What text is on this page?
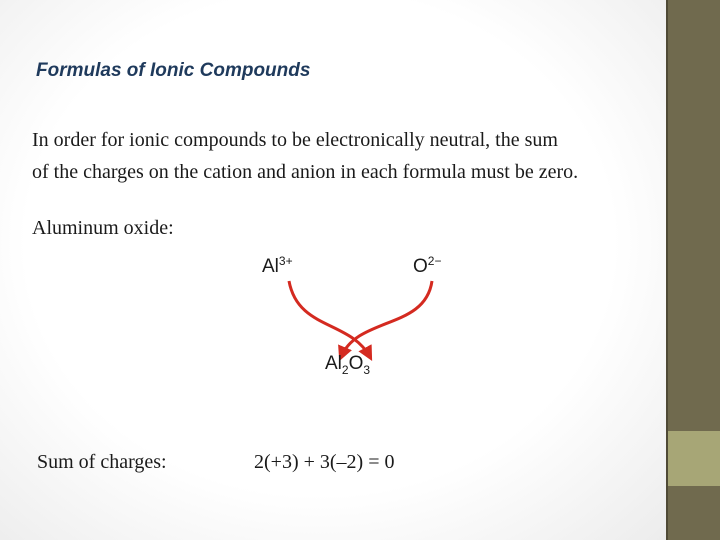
Formulas of Ionic Compounds
In order for ionic compounds to be electronically neutral, the sum
of the charges on the cation and anion in each formula must be zero.
Aluminum oxide:
$Al^{3+}$	$O^{2-}$
$Al_2O_3$
Sum of charges:	2(+3) + 3(–2) = 0
